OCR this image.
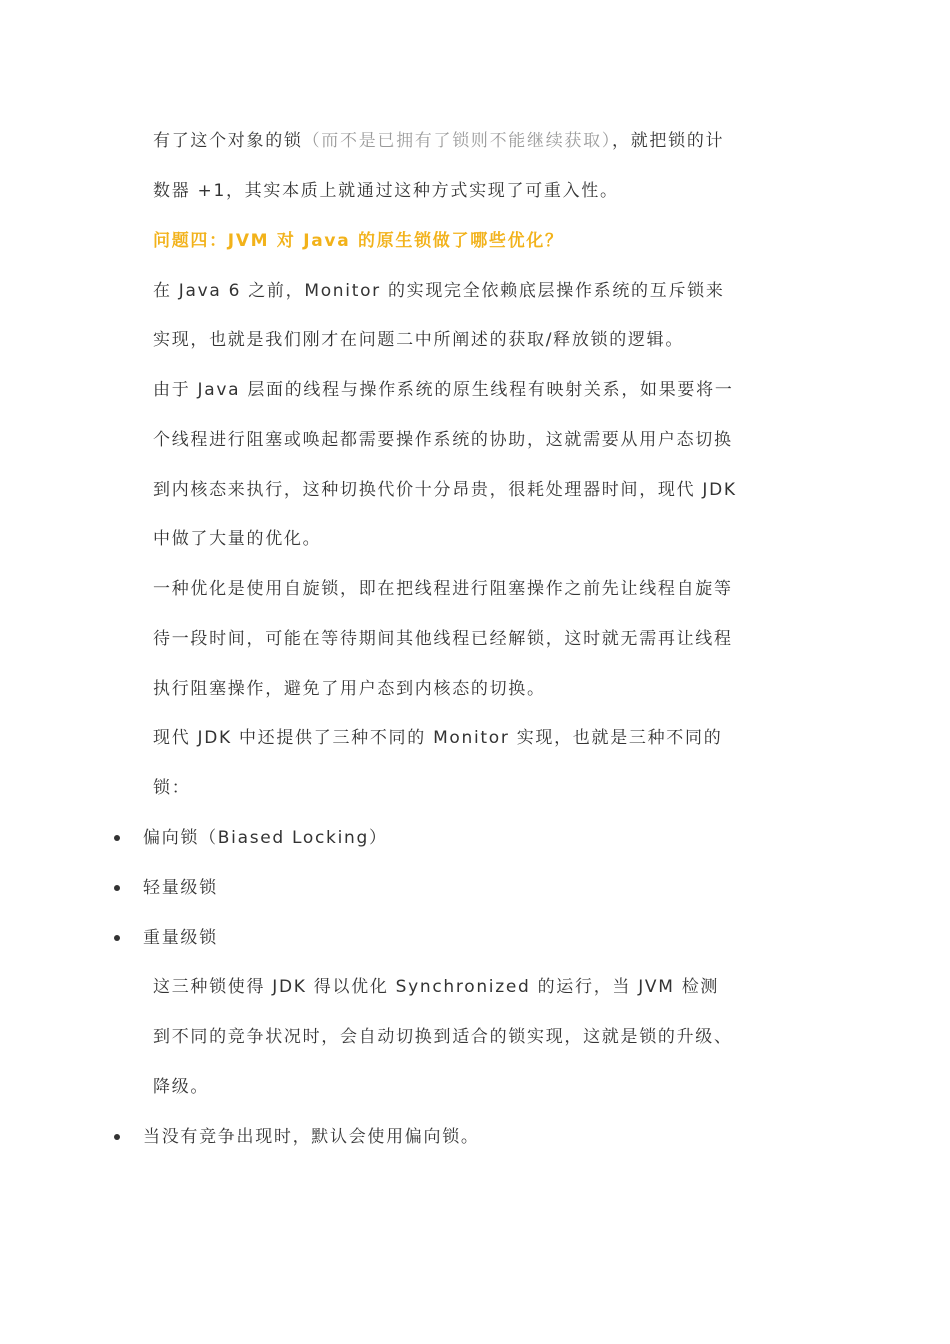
有了这个对象的锁（而不是已拥有了锁则不能继续获取），就把锁的计
数器 +1，其实本质上就通过这种方式实现了可重入性。
问题四：JVM 对 Java 的原生锁做了哪些优化？
在 Java 6 之前，Monitor 的实现完全依赖底层操作系统的互斥锁来
实现，也就是我们刚才在问题二中所阐述的获取/释放锁的逻辑。
由于 Java 层面的线程与操作系统的原生线程有映射关系，如果要将一
个线程进行阻塞或唤起都需要操作系统的协助，这就需要从用户态切换
到内核态来执行，这种切换代价十分昂贵，很耗处理器时间，现代 JDK
中做了大量的优化。
一种优化是使用自旋锁，即在把线程进行阻塞操作之前先让线程自旋等
待一段时间，可能在等待期间其他线程已经解锁，这时就无需再让线程
执行阻塞操作，避免了用户态到内核态的切换。
现代 JDK 中还提供了三种不同的 Monitor 实现，也就是三种不同的
锁：
偏向锁（Biased Locking）
轻量级锁
重量级锁
这三种锁使得 JDK 得以优化 Synchronized 的运行，当 JVM 检测
到不同的竞争状况时，会自动切换到适合的锁实现，这就是锁的升级、
降级。
当没有竞争出现时，默认会使用偏向锁。
